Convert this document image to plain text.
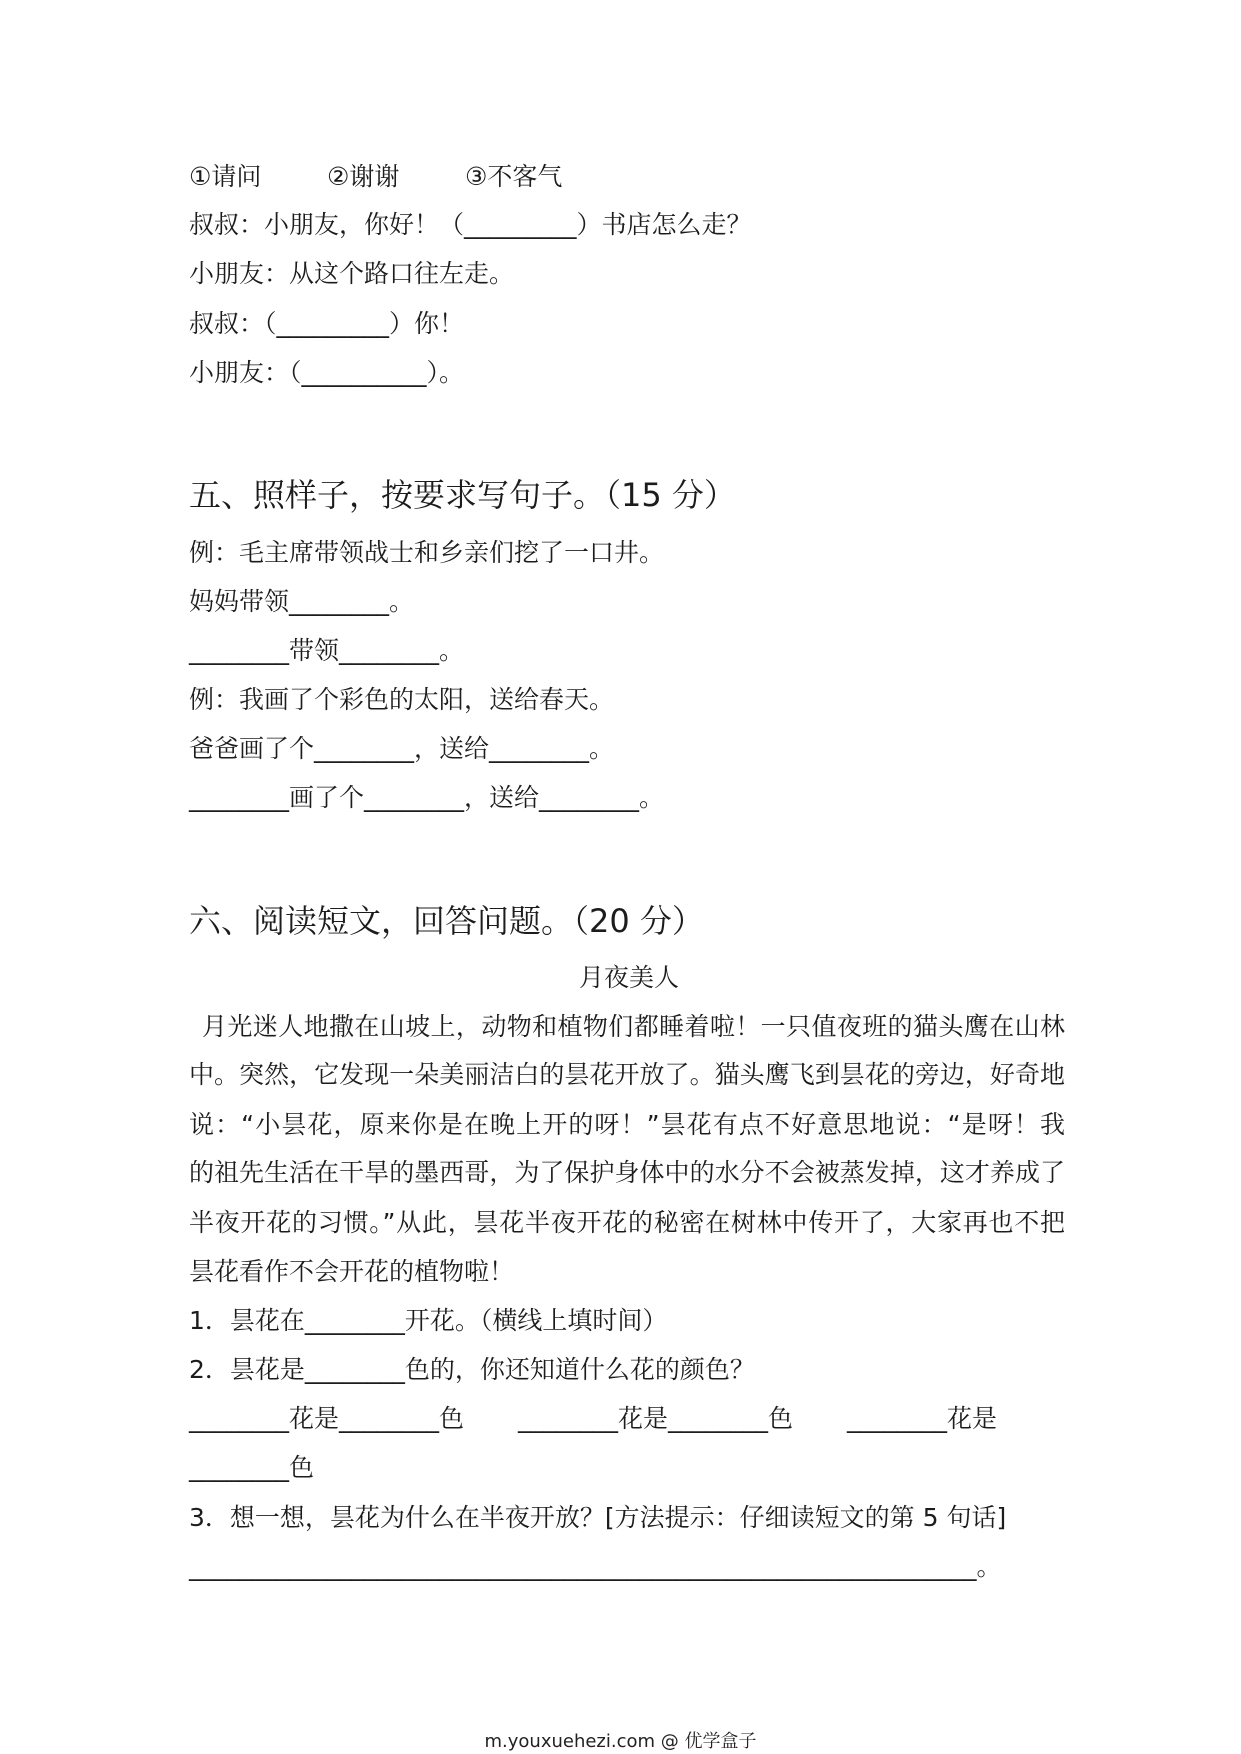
①请问	②谢谢	③不客气
叔叔：小朋友，你好！（_________）书店怎么走？
小朋友：从这个路口往左走。
叔叔：（_________）你！
小朋友：（__________）。
五、照样子，按要求写句子。（15 分）
例：毛主席带领战士和乡亲们挖了一口井。
妈妈带领________。
________带领________。
例：我画了个彩色的太阳，送给春天。
爸爸画了个________，送给________。
________画了个________，送给________。
六、阅读短文，回答问题。（20 分）
月夜美人
月光迷人地撒在山坡上，动物和植物们都睡着啦！一只值夜班的猫头鹰在山林
中。突然，它发现一朵美丽洁白的昙花开放了。猫头鹰飞到昙花的旁边，好奇地
说：“小昙花，原来你是在晚上开的呀！”昙花有点不好意思地说：“是呀！我
的祖先生活在干旱的墨西哥，为了保护身体中的水分不会被蒸发掉，这才养成了
半夜开花的习惯。”从此，昙花半夜开花的秘密在树林中传开了，大家再也不把
昙花看作不会开花的植物啦！
1．昙花在________开花。（横线上填时间）
2．昙花是________色的，你还知道什么花的颜色？
________花是________色 ________花是________色 ________花是
________色
3．想一想，昙花为什么在半夜开放？[方法提示：仔细读短文的第 5 句话]
_______________________________________________________________。
m.youxuehezi.com @ 优学盒子
